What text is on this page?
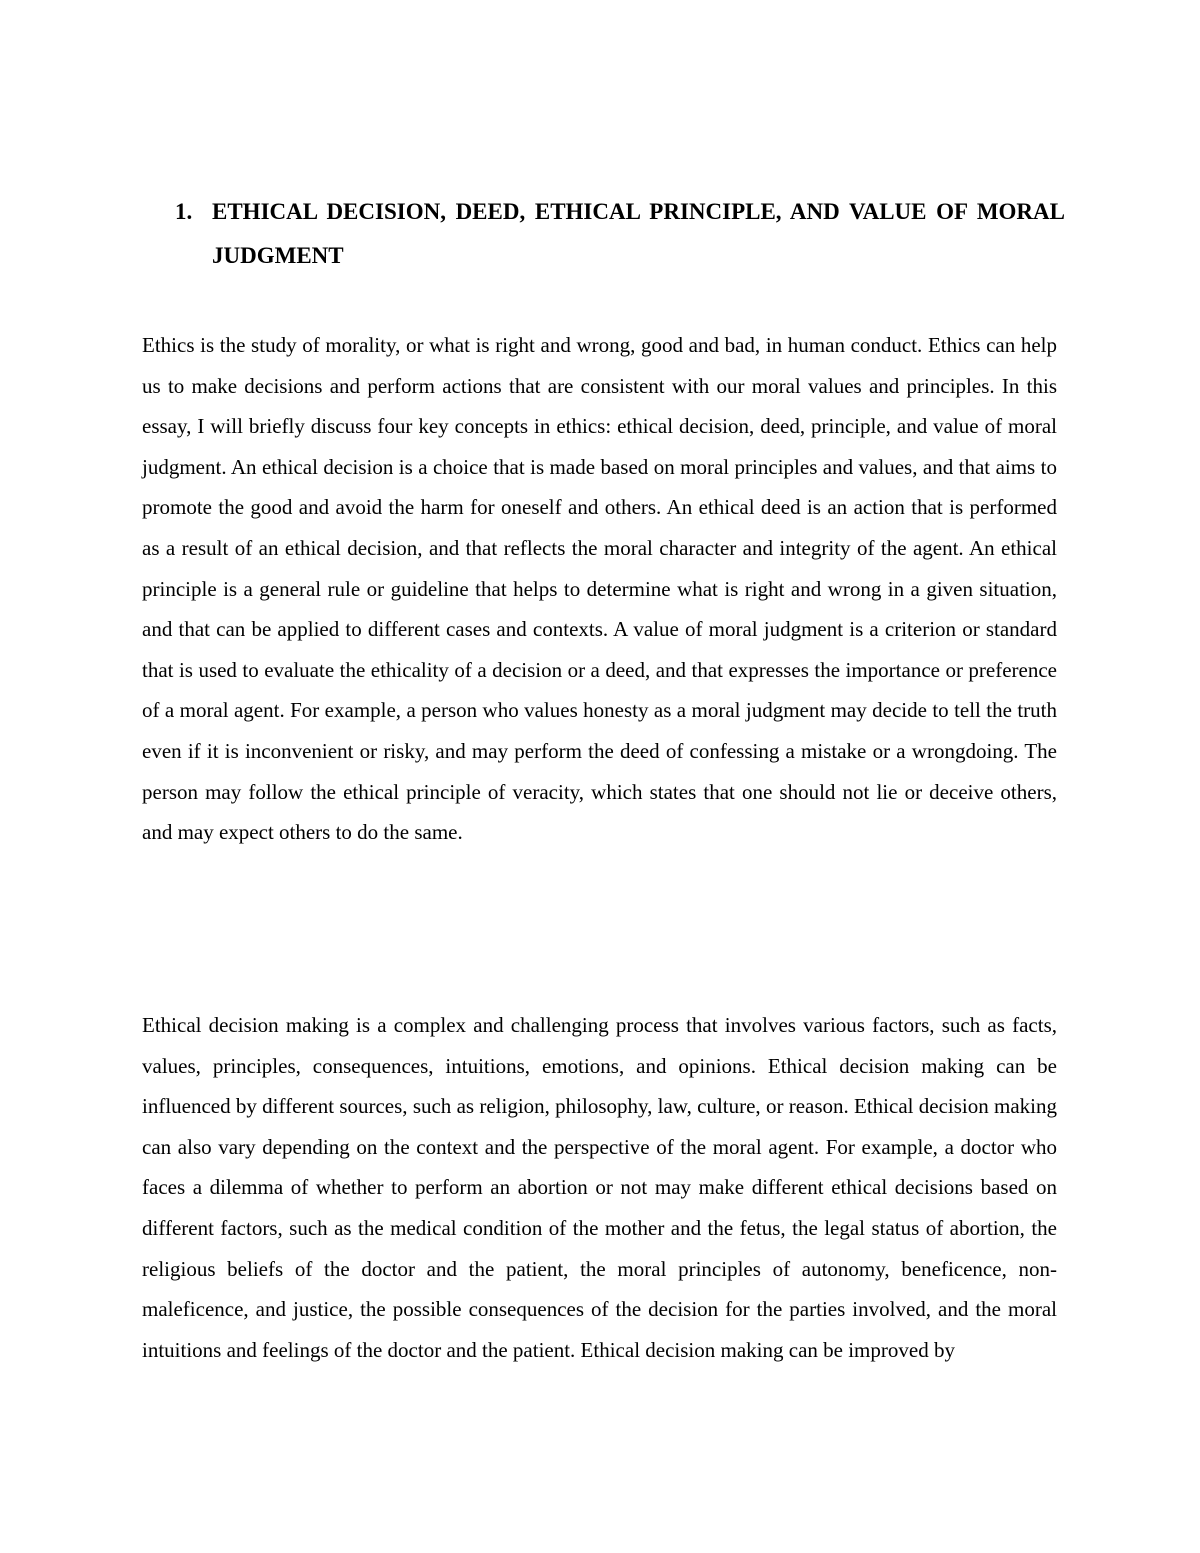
1. ETHICAL DECISION, DEED, ETHICAL PRINCIPLE, AND VALUE OF MORAL JUDGMENT

Ethics is the study of morality, or what is right and wrong, good and bad, in human conduct. Ethics can help us to make decisions and perform actions that are consistent with our moral values and principles. In this essay, I will briefly discuss four key concepts in ethics: ethical decision, deed, principle, and value of moral judgment. An ethical decision is a choice that is made based on moral principles and values, and that aims to promote the good and avoid the harm for oneself and others. An ethical deed is an action that is performed as a result of an ethical decision, and that reflects the moral character and integrity of the agent. An ethical principle is a general rule or guideline that helps to determine what is right and wrong in a given situation, and that can be applied to different cases and contexts. A value of moral judgment is a criterion or standard that is used to evaluate the ethicality of a decision or a deed, and that expresses the importance or preference of a moral agent. For example, a person who values honesty as a moral judgment may decide to tell the truth even if it is inconvenient or risky, and may perform the deed of confessing a mistake or a wrongdoing. The person may follow the ethical principle of veracity, which states that one should not lie or deceive others, and may expect others to do the same.

Ethical decision making is a complex and challenging process that involves various factors, such as facts, values, principles, consequences, intuitions, emotions, and opinions. Ethical decision making can be influenced by different sources, such as religion, philosophy, law, culture, or reason. Ethical decision making can also vary depending on the context and the perspective of the moral agent. For example, a doctor who faces a dilemma of whether to perform an abortion or not may make different ethical decisions based on different factors, such as the medical condition of the mother and the fetus, the legal status of abortion, the religious beliefs of the doctor and the patient, the moral principles of autonomy, beneficence, non-maleficence, and justice, the possible consequences of the decision for the parties involved, and the moral intuitions and feelings of the doctor and the patient. Ethical decision making can be improved by
